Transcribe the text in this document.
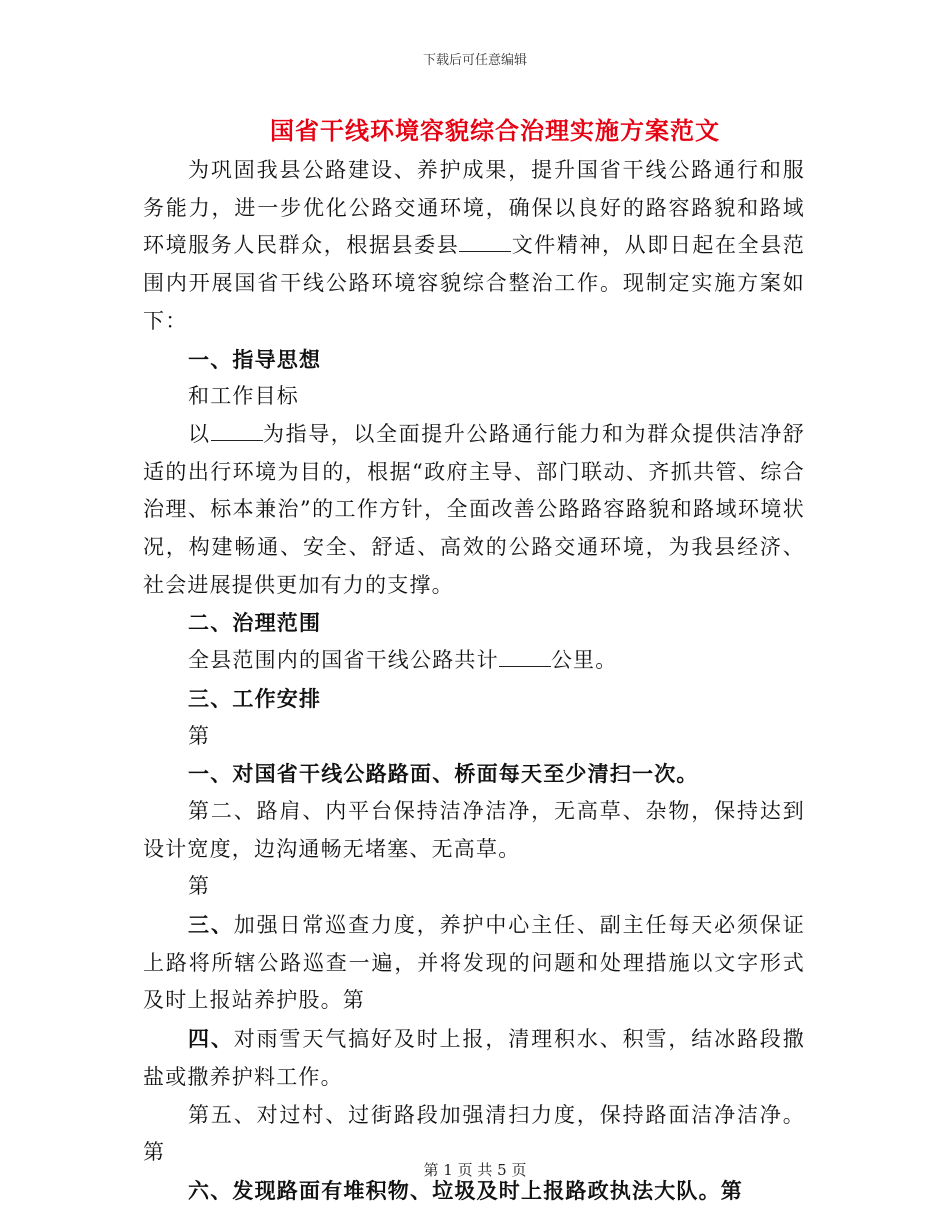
下载后可任意编辑
国省干线环境容貌综合治理实施方案范文

为巩固我县公路建设、养护成果，提升国省干线公路通行和服务能力，进一步优化公路交通环境，确保以良好的路容路貌和路域环境服务人民群众，根据县委县 文件精神，从即日起在全县范围内开展国省干线公路环境容貌综合整治工作。现制定实施方案如下：

一、指导思想

和工作目标

以 为指导，以全面提升公路通行能力和为群众提供洁净舒适的出行环境为目的，根据“政府主导、部门联动、齐抓共管、综合治理、标本兼治”的工作方针，全面改善公路路容路貌和路域环境状况，构建畅通、安全、舒适、高效的公路交通环境，为我县经济、社会进展提供更加有力的支撑。

二、治理范围

全县范围内的国省干线公路共计 公里。

三、工作安排

第

一、对国省干线公路路面、桥面每天至少清扫一次。

第二、路肩、内平台保持洁净洁净，无高草、杂物，保持达到设计宽度，边沟通畅无堵塞、无高草。

第

三、加强日常巡查力度，养护中心主任、副主任每天必须保证上路将所辖公路巡查一遍，并将发现的问题和处理措施以文字形式及时上报站养护股。第

四、对雨雪天气搞好及时上报，清理积水、积雪，结冰路段撒盐或撒养护料工作。

第五、对过村、过街路段加强清扫力度，保持路面洁净洁净。第

六、发现路面有堆积物、垃圾及时上报路政执法大队。第

第 1 页 共 5 页
